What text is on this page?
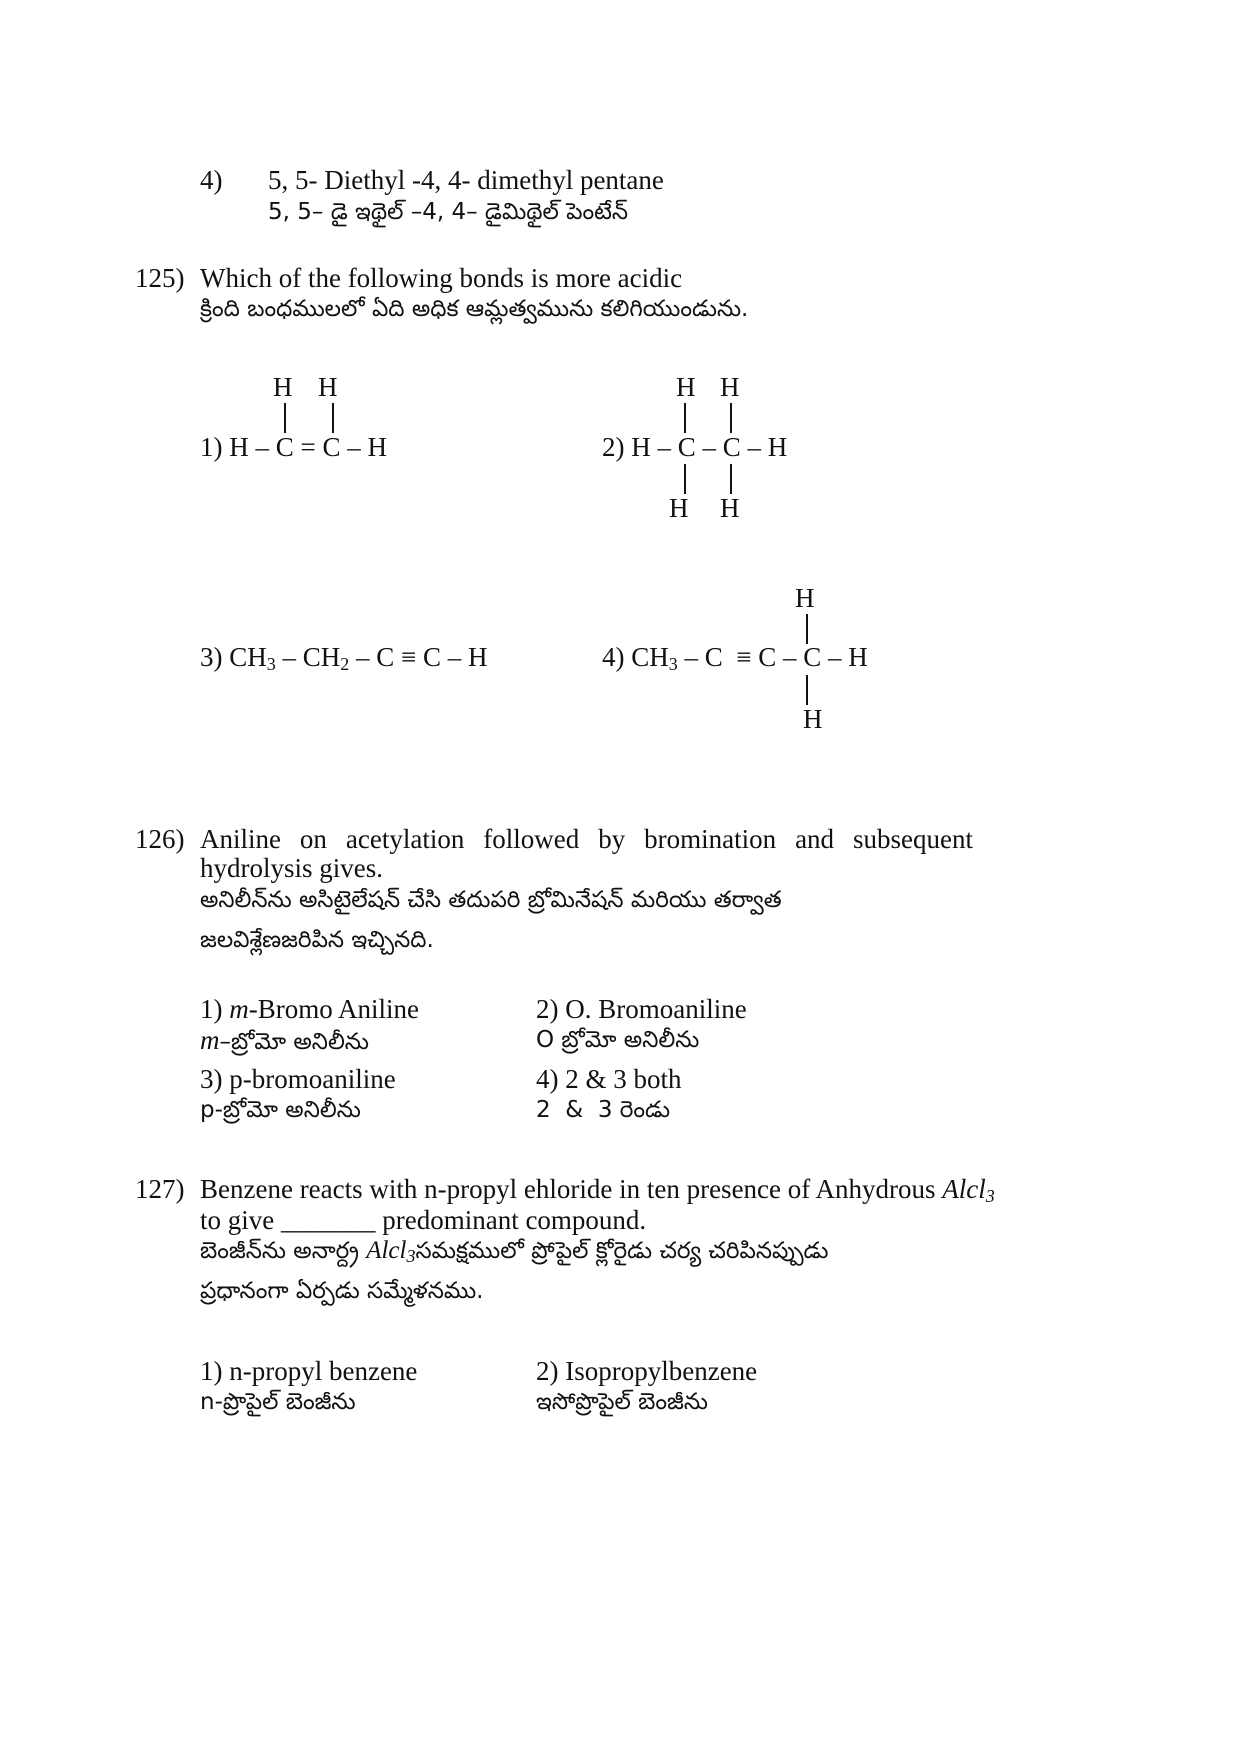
4) 5, 5- Diethyl -4, 4- dimethyl pentane
5, 5– డై ఇథైల్ –4, 4– డైమిథైల్ పెంటేన్
125) Which of the following bonds is more acidic
క్రింది బంధములలో ఏది అధిక ఆమ్లత్వమును కలిగియుండును.
H H
1) H – C = C – H
H H
2) H – C – C – H
H H
3) $CH_3 - CH_2 - C \equiv C - H$
H
4) $CH_3 - C \equiv C - C - H$
H
126) Aniline on acetylation followed by bromination and subsequent
hydrolysis gives.
అనిలీన్‌ను అసిటైలేషన్ చేసి తదుపరి బ్రోమినేషన్ మరియు తర్వాత
జలవిశ్లేణజరిపిన ఇచ్చినది.
1) m-Bromo Aniline
m–బ్రోమో అనిలీను
2) O. Bromoaniline
O బ్రోమో అనిలీను
3) p-bromoaniline
p-బ్రోమో అనిలీను
4) 2 & 3 both
2  &  3 రెండు
127) Benzene reacts with n-propyl ehloride in ten presence of Anhydrous Alcl$_3$
to give _______ predominant compound.
బెంజీన్‌ను అనార్ద్ర Alcl$_3$సమక్షములో ప్రోపైల్ క్లోరైడు చర్య చరిపినప్పుడు
ప్రధానంగా ఏర్పడు సమ్మేళనము.
1) n-propyl benzene
n-ప్రొపైల్ బెంజీను
2) Isopropylbenzene
ఇసోప్రొపైల్ బెంజీను
